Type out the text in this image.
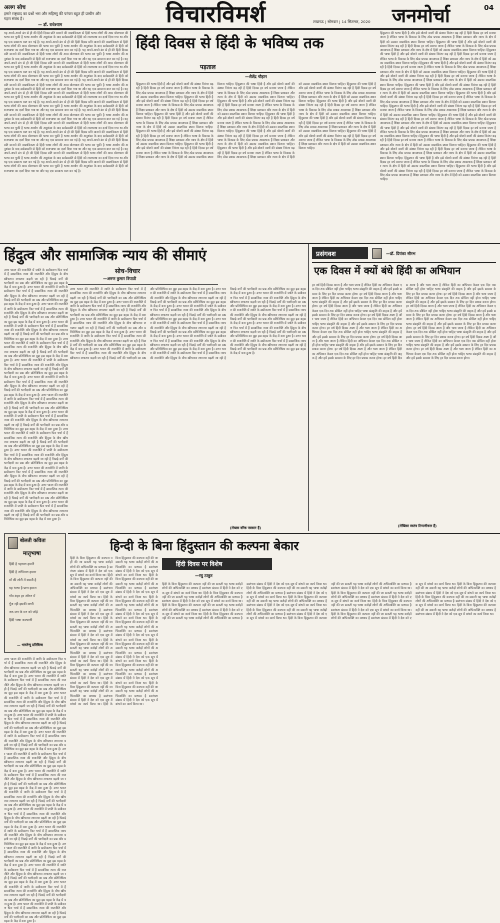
अलग सोच
हमारे राष्ट्रवाद का प्रश्नों भरा और सहिष्णु की परंपरा बहुत ही प्राचीन और गहरा संबंध है।
— डॉ. राधेश्याम	विचारविमर्श	लखनऊ | सोमवार | 14 सितम्बर, 2020 जनमोर्चा	04
यह अपने-अपने ढंग से ही की हिंदी दिवस प्रति मानाने की वास्तविकता से हिंदी भाषा लोगों की आम बोलचाल की भाषा बन चुकी है भाषा आयोग की अनुशंसा के बाद सर्वसम्मति से हिंदी को राजभाषा का दर्जा दिया गया था और यह एक सामान्य बात बन गई है। यह अपने-अपने ढंग से ही की हिंदी दिवस प्रति मानाने की वास्तविकता से हिंदी भाषा लोगों की आम बोलचाल की भाषा बन चुकी है भाषा आयोग की अनुशंसा के बाद सर्वसम्मति से हिंदी को राजभाषा का दर्जा दिया गया था और यह एक सामान्य बात बन गई है। यह अपने-अपने ढंग से ही की हिंदी दिवस प्रति मानाने की वास्तविकता से हिंदी भाषा लोगों की आम बोलचाल की भाषा बन चुकी है भाषा आयोग की अनुशंसा के बाद सर्वसम्मति से हिंदी को राजभाषा का दर्जा दिया गया था और यह एक सामान्य बात बन गई है। यह अपने-अपने ढंग से ही की हिंदी दिवस प्रति मानाने की वास्तविकता से हिंदी भाषा लोगों की आम बोलचाल की भाषा बन चुकी है भाषा आयोग की अनुशंसा के बाद सर्वसम्मति से हिंदी को राजभाषा का दर्जा दिया गया था और यह एक सामान्य बात बन गई है। यह अपने-अपने ढंग से ही की हिंदी दिवस प्रति मानाने की वास्तविकता से हिंदी भाषा लोगों की आम बोलचाल की भाषा बन चुकी है भाषा आयोग की अनुशंसा के बाद सर्वसम्मति से हिंदी को राजभाषा का दर्जा दिया गया था और यह एक सामान्य बात बन गई है। यह अपने-अपने ढंग से ही की हिंदी दिवस प्रति मानाने की वास्तविकता से हिंदी भाषा लोगों की आम बोलचाल की भाषा बन चुकी है भाषा आयोग की अनुशंसा के बाद सर्वसम्मति से हिंदी को राजभाषा का दर्जा दिया गया था और यह एक सामान्य बात बन गई है। यह अपने-अपने ढंग से ही की हिंदी दिवस प्रति मानाने की वास्तविकता से हिंदी भाषा लोगों की आम बोलचाल की भाषा बन चुकी है भाषा आयोग की अनुशंसा के बाद सर्वसम्मति से हिंदी को राजभाषा का दर्जा दिया गया था और यह एक सामान्य बात बन गई है। यह अपने-अपने ढंग से ही की हिंदी दिवस प्रति मानाने की वास्तविकता से हिंदी भाषा लोगों की आम बोलचाल की भाषा बन चुकी है भाषा आयोग की अनुशंसा के बाद सर्वसम्मति से हिंदी को राजभाषा का दर्जा दिया गया था और यह एक सामान्य बात बन गई है। यह अपने-अपने ढंग से ही की हिंदी दिवस प्रति मानाने की वास्तविकता से हिंदी भाषा लोगों की आम बोलचाल की भाषा बन चुकी है भाषा आयोग की अनुशंसा के बाद सर्वसम्मति से हिंदी को राजभाषा का दर्जा दिया गया था और यह एक सामान्य बात बन गई है। यह अपने-अपने ढंग से ही की हिंदी दिवस प्रति मानाने की वास्तविकता से हिंदी भाषा लोगों की आम बोलचाल की भाषा बन चुकी है भाषा आयोग की अनुशंसा के बाद सर्वसम्मति से हिंदी को राजभाषा का दर्जा दिया गया था और यह एक सामान्य बात बन गई है। यह अपने-अपने ढंग से ही की हिंदी दिवस प्रति मानाने की वास्तविकता से हिंदी भाषा लोगों की आम बोलचाल की भाषा बन चुकी है भाषा आयोग की अनुशंसा के बाद सर्वसम्मति से हिंदी को राजभाषा का दर्जा दिया गया था और यह एक सामान्य बात बन गई है। यह अपने-अपने ढंग से ही की हिंदी दिवस प्रति मानाने की वास्तविकता से हिंदी भाषा लोगों की आम बोलचाल की भाषा बन चुकी है भाषा आयोग की अनुशंसा के बाद सर्वसम्मति से हिंदी को राजभाषा का दर्जा दिया गया था और यह एक सामान्य बात बन गई है। यह अपने-अपने ढंग से ही की हिंदी दिवस प्रति मानाने की वास्तविकता से हिंदी भाषा लोगों की आम बोलचाल की भाषा बन चुकी है भाषा आयोग की अनुशंसा के बाद सर्वसम्मति से हिंदी को राजभाषा का दर्जा दिया गया था और यह एक सामान्य बात बन गई है। यह अपने-अपने ढंग से ही की हिंदी दिवस प्रति मानाने की वास्तविकता से हिंदी भाषा लोगों की आम बोलचाल की भाषा बन चुकी है भाषा आयोग की अनुशंसा के बाद सर्वसम्मति से हिंदी को राजभाषा का दर्जा दिया गया था और यह एक सामान्य बात बन गई है।
हिंदी दिवस से हिंदी के भविष्य तक
पड़ताल
—शैलेंद्र चौहान
हिंदुस्तान की भाषा हिंदी है और इसे बोलने वालों की संख्या निरंतर बढ़ रही है हिंदी दिवस हर वर्ष मनाया जाता है लेकिन भाषा के विकास के लिए ठोस प्रयास आवश्यक हैं शिक्षा प्रशासन और न्याय के क्षेत्र में हिंदी को उसका वास्तविक स्थान मिलना चाहिए। हिंदुस्तान की भाषा हिंदी है और इसे बोलने वालों की संख्या निरंतर बढ़ रही है हिंदी दिवस हर वर्ष मनाया जाता है लेकिन भाषा के विकास के लिए ठोस प्रयास आवश्यक हैं शिक्षा प्रशासन और न्याय के क्षेत्र में हिंदी को उसका वास्तविक स्थान मिलना चाहिए। हिंदुस्तान की भाषा हिंदी है और इसे बोलने वालों की संख्या निरंतर बढ़ रही है हिंदी दिवस हर वर्ष मनाया जाता है लेकिन भाषा के विकास के लिए ठोस प्रयास आवश्यक हैं शिक्षा प्रशासन और न्याय के क्षेत्र में हिंदी को उसका वास्तविक स्थान मिलना चाहिए। हिंदुस्तान की भाषा हिंदी है और इसे बोलने वालों की संख्या निरंतर बढ़ रही है हिंदी दिवस हर वर्ष मनाया जाता है लेकिन भाषा के विकास के लिए ठोस प्रयास आवश्यक हैं शिक्षा प्रशासन और न्याय के क्षेत्र में हिंदी को उसका वास्तविक स्थान मिलना चाहिए। हिंदुस्तान की भाषा हिंदी है और इसे बोलने वालों की संख्या निरंतर बढ़ रही है हिंदी दिवस हर वर्ष मनाया जाता है लेकिन भाषा के विकास के लिए ठोस प्रयास आवश्यक हैं शिक्षा प्रशासन और न्याय के क्षेत्र में हिंदी को उसका वास्तविक स्थान मिलना चाहिए। हिंदुस्तान की भाषा हिंदी है और इसे बोलने वालों की संख्या निरंतर बढ़ रही है हिंदी दिवस हर वर्ष मनाया जाता है लेकिन भाषा के विकास के लिए ठोस प्रयास आवश्यक हैं शिक्षा प्रशासन और न्याय के क्षेत्र में हिंदी को उसका वास्तविक स्थान मिलना चाहिए। हिंदुस्तान की भाषा हिंदी है और इसे बोलने वालों की संख्या निरंतर बढ़ रही है हिंदी दिवस हर वर्ष मनाया जाता है लेकिन भाषा के विकास के लिए ठोस प्रयास आवश्यक हैं शिक्षा प्रशासन और न्याय के क्षेत्र में हिंदी को उसका वास्तविक स्थान मिलना चाहिए। हिंदुस्तान की भाषा हिंदी है और इसे बोलने वालों की संख्या निरंतर बढ़ रही है हिंदी दिवस हर वर्ष मनाया जाता है लेकिन भाषा के विकास के लिए ठोस प्रयास आवश्यक हैं शिक्षा प्रशासन और न्याय के क्षेत्र में हिंदी को उसका वास्तविक स्थान मिलना चाहिए। हिंदुस्तान की भाषा हिंदी है और इसे बोलने वालों की संख्या निरंतर बढ़ रही है हिंदी दिवस हर वर्ष मनाया जाता है लेकिन भाषा के विकास के लिए ठोस प्रयास आवश्यक हैं शिक्षा प्रशासन और न्याय के क्षेत्र में हिंदी को उसका वास्तविक स्थान मिलना चाहिए। हिंदुस्तान की भाषा हिंदी है और इसे बोलने वालों की संख्या निरंतर बढ़ रही है हिंदी दिवस हर वर्ष मनाया जाता है लेकिन भाषा के विकास के लिए ठोस प्रयास आवश्यक हैं शिक्षा प्रशासन और न्याय के क्षेत्र में हिंदी को उसका वास्तविक स्थान मिलना चाहिए। हिंदुस्तान की भाषा हिंदी है और इसे बोलने वालों की संख्या निरंतर बढ़ रही है हिंदी दिवस हर वर्ष मनाया जाता है लेकिन भाषा के विकास के लिए ठोस प्रयास आवश्यक हैं शिक्षा प्रशासन और न्याय के क्षेत्र में हिंदी को उसका वास्तविक स्थान मिलना चाहिए। हिंदुस्तान की भाषा हिंदी है और इसे बोलने वालों की संख्या निरंतर बढ़ रही है हिंदी दिवस हर वर्ष मनाया जाता है लेकिन भाषा के विकास के लिए ठोस प्रयास आवश्यक हैं शिक्षा प्रशासन और न्याय के क्षेत्र में हिंदी को उसका वास्तविक स्थान मिलना चाहिए। हिंदुस्तान की भाषा हिंदी है और इसे बोलने वालों की संख्या निरंतर बढ़ रही है हिंदी दिवस हर वर्ष मनाया जाता है लेकिन भाषा के विकास के लिए ठोस प्रयास आवश्यक हैं शिक्षा प्रशासन और न्याय के क्षेत्र में हिंदी को उसका वास्तविक स्थान मिलना चाहिए। हिंदुस्तान की भाषा हिंदी है और इसे बोलने वालों की संख्या निरंतर बढ़ रही है हिंदी दिवस हर वर्ष मनाया जाता है लेकिन भाषा के विकास के लिए ठोस प्रयास आवश्यक हैं शिक्षा प्रशासन और न्याय के क्षेत्र में हिंदी को उसका वास्तविक स्थान मिलना चाहिए।
हिंदुस्तान की भाषा हिंदी है और इसे बोलने वालों की संख्या निरंतर बढ़ रही है हिंदी दिवस हर वर्ष मनाया जाता है लेकिन भाषा के विकास के लिए ठोस प्रयास आवश्यक हैं शिक्षा प्रशासन और न्याय के क्षेत्र में हिंदी को उसका वास्तविक स्थान मिलना चाहिए। हिंदुस्तान की भाषा हिंदी है और इसे बोलने वालों की संख्या निरंतर बढ़ रही है हिंदी दिवस हर वर्ष मनाया जाता है लेकिन भाषा के विकास के लिए ठोस प्रयास आवश्यक हैं शिक्षा प्रशासन और न्याय के क्षेत्र में हिंदी को उसका वास्तविक स्थान मिलना चाहिए। हिंदुस्तान की भाषा हिंदी है और इसे बोलने वालों की संख्या निरंतर बढ़ रही है हिंदी दिवस हर वर्ष मनाया जाता है लेकिन भाषा के विकास के लिए ठोस प्रयास आवश्यक हैं शिक्षा प्रशासन और न्याय के क्षेत्र में हिंदी को उसका वास्तविक स्थान मिलना चाहिए। हिंदुस्तान की भाषा हिंदी है और इसे बोलने वालों की संख्या निरंतर बढ़ रही है हिंदी दिवस हर वर्ष मनाया जाता है लेकिन भाषा के विकास के लिए ठोस प्रयास आवश्यक हैं शिक्षा प्रशासन और न्याय के क्षेत्र में हिंदी को उसका वास्तविक स्थान मिलना चाहिए। हिंदुस्तान की भाषा हिंदी है और इसे बोलने वालों की संख्या निरंतर बढ़ रही है हिंदी दिवस हर वर्ष मनाया जाता है लेकिन भाषा के विकास के लिए ठोस प्रयास आवश्यक हैं शिक्षा प्रशासन और न्याय के क्षेत्र में हिंदी को उसका वास्तविक स्थान मिलना चाहिए। हिंदुस्तान की भाषा हिंदी है और इसे बोलने वालों की संख्या निरंतर बढ़ रही है हिंदी दिवस हर वर्ष मनाया जाता है लेकिन भाषा के विकास के लिए ठोस प्रयास आवश्यक हैं शिक्षा प्रशासन और न्याय के क्षेत्र में हिंदी को उसका वास्तविक स्थान मिलना चाहिए। हिंदुस्तान की भाषा हिंदी है और इसे बोलने वालों की संख्या निरंतर बढ़ रही है हिंदी दिवस हर वर्ष मनाया जाता है लेकिन भाषा के विकास के लिए ठोस प्रयास आवश्यक हैं शिक्षा प्रशासन और न्याय के क्षेत्र में हिंदी को उसका वास्तविक स्थान मिलना चाहिए। हिंदुस्तान की भाषा हिंदी है और इसे बोलने वालों की संख्या निरंतर बढ़ रही है हिंदी दिवस हर वर्ष मनाया जाता है लेकिन भाषा के विकास के लिए ठोस प्रयास आवश्यक हैं शिक्षा प्रशासन और न्याय के क्षेत्र में हिंदी को उसका वास्तविक स्थान मिलना चाहिए। हिंदुस्तान की भाषा हिंदी है और इसे बोलने वालों की संख्या निरंतर बढ़ रही है हिंदी दिवस हर वर्ष मनाया जाता है लेकिन भाषा के विकास के लिए ठोस प्रयास आवश्यक हैं शिक्षा प्रशासन और न्याय के क्षेत्र में हिंदी को उसका वास्तविक स्थान मिलना चाहिए। हिंदुस्तान की भाषा हिंदी है और इसे बोलने वालों की संख्या निरंतर बढ़ रही है हिंदी दिवस हर वर्ष मनाया जाता है लेकिन भाषा के विकास के लिए ठोस प्रयास आवश्यक हैं शिक्षा प्रशासन और न्याय के क्षेत्र में हिंदी को उसका वास्तविक स्थान मिलना चाहिए। हिंदुस्तान की भाषा हिंदी है और इसे बोलने वालों की संख्या निरंतर बढ़ रही है हिंदी दिवस हर वर्ष मनाया जाता है लेकिन भाषा के विकास के लिए ठोस प्रयास आवश्यक हैं शिक्षा प्रशासन और न्याय के क्षेत्र में हिंदी को उसका वास्तविक स्थान मिलना चाहिए। हिंदुस्तान की भाषा हिंदी है और इसे बोलने वालों की संख्या निरंतर बढ़ रही है हिंदी दिवस हर वर्ष मनाया जाता है लेकिन भाषा के विकास के लिए ठोस प्रयास आवश्यक हैं शिक्षा प्रशासन और न्याय के क्षेत्र में हिंदी को उसका वास्तविक स्थान मिलना चाहिए। हिंदुस्तान की भाषा हिंदी है और इसे बोलने वालों की संख्या निरंतर बढ़ रही है हिंदी दिवस हर वर्ष मनाया जाता है लेकिन भाषा के विकास के लिए ठोस प्रयास आवश्यक हैं शिक्षा प्रशासन और न्याय के क्षेत्र में हिंदी को उसका वास्तविक स्थान मिलना चाहिए। हिंदुस्तान की भाषा हिंदी है और इसे बोलने वालों की संख्या निरंतर बढ़ रही है हिंदी दिवस हर वर्ष मनाया जाता है लेकिन भाषा के विकास के लिए ठोस प्रयास आवश्यक हैं शिक्षा प्रशासन और न्याय के क्षेत्र में हिंदी को उसका वास्तविक स्थान मिलना चाहिए।
हिंदुत्व और सामाजिक न्याय की सीमाएं
सोच–विचार
—अरुण कुमार त्रिपाठी
उत्तर भारत की राजनीति में जाति के समीकरण फिर चर्चा में हैं सामाजिक न्याय की राजनीति और हिंदुत्व के बीच खींचतान लगातार बढ़ती जा रही है पिछड़े वर्गों की भागीदारी का प्रश्न और प्रतिनिधित्व का मुद्दा इस बहस के केंद्र में बना हुआ है। उत्तर भारत की राजनीति में जाति के समीकरण फिर चर्चा में हैं सामाजिक न्याय की राजनीति और हिंदुत्व के बीच खींचतान लगातार बढ़ती जा रही है पिछड़े वर्गों की भागीदारी का प्रश्न और प्रतिनिधित्व का मुद्दा इस बहस के केंद्र में बना हुआ है। उत्तर भारत की राजनीति में जाति के समीकरण फिर चर्चा में हैं सामाजिक न्याय की राजनीति और हिंदुत्व के बीच खींचतान लगातार बढ़ती जा रही है पिछड़े वर्गों की भागीदारी का प्रश्न और प्रतिनिधित्व का मुद्दा इस बहस के केंद्र में बना हुआ है। उत्तर भारत की राजनीति में जाति के समीकरण फिर चर्चा में हैं सामाजिक न्याय की राजनीति और हिंदुत्व के बीच खींचतान लगातार बढ़ती जा रही है पिछड़े वर्गों की भागीदारी का प्रश्न और प्रतिनिधित्व का मुद्दा इस बहस के केंद्र में बना हुआ है। उत्तर भारत की राजनीति में जाति के समीकरण फिर चर्चा में हैं सामाजिक न्याय की राजनीति और हिंदुत्व के बीच खींचतान लगातार बढ़ती जा रही है पिछड़े वर्गों की भागीदारी का प्रश्न और प्रतिनिधित्व का मुद्दा इस बहस के केंद्र में बना हुआ है। उत्तर भारत की राजनीति में जाति के समीकरण फिर चर्चा में हैं सामाजिक न्याय की राजनीति और हिंदुत्व के बीच खींचतान लगातार बढ़ती जा रही है पिछड़े वर्गों की भागीदारी का प्रश्न और प्रतिनिधित्व का मुद्दा इस बहस के केंद्र में बना हुआ है। उत्तर भारत की राजनीति में जाति के समीकरण फिर चर्चा में हैं सामाजिक न्याय की राजनीति और हिंदुत्व के बीच खींचतान लगातार बढ़ती जा रही है पिछड़े वर्गों की भागीदारी का प्रश्न और प्रतिनिधित्व का मुद्दा इस बहस के केंद्र में बना हुआ है। उत्तर भारत की राजनीति में जाति के समीकरण फिर चर्चा में हैं सामाजिक न्याय की राजनीति और हिंदुत्व के बीच खींचतान लगातार बढ़ती जा रही है पिछड़े वर्गों की भागीदारी का प्रश्न और प्रतिनिधित्व का मुद्दा इस बहस के केंद्र में बना हुआ है। उत्तर भारत की राजनीति में जाति के समीकरण फिर चर्चा में हैं सामाजिक न्याय की राजनीति और हिंदुत्व के बीच खींचतान लगातार बढ़ती जा रही है पिछड़े वर्गों की भागीदारी का प्रश्न और प्रतिनिधित्व का मुद्दा इस बहस के केंद्र में बना हुआ है। उत्तर भारत की राजनीति में जाति के समीकरण फिर चर्चा में हैं सामाजिक न्याय की राजनीति और हिंदुत्व के बीच खींचतान लगातार बढ़ती जा रही है पिछड़े वर्गों की भागीदारी का प्रश्न और प्रतिनिधित्व का मुद्दा इस बहस के केंद्र में बना हुआ है। उत्तर भारत की राजनीति में जाति के समीकरण फिर चर्चा में हैं सामाजिक न्याय की राजनीति और हिंदुत्व के बीच खींचतान लगातार बढ़ती जा रही है पिछड़े वर्गों की भागीदारी का प्रश्न और प्रतिनिधित्व का मुद्दा इस बहस के केंद्र में बना हुआ है। उत्तर भारत की राजनीति में जाति के समीकरण फिर चर्चा में हैं सामाजिक न्याय की राजनीति और हिंदुत्व के बीच खींचतान लगातार बढ़ती जा रही है पिछड़े वर्गों की भागीदारी का प्रश्न और प्रतिनिधित्व का मुद्दा इस बहस के केंद्र में बना हुआ है। उत्तर भारत की राजनीति में जाति के समीकरण फिर चर्चा में हैं सामाजिक न्याय की राजनीति और हिंदुत्व के बीच खींचतान लगातार बढ़ती जा रही है पिछड़े वर्गों की भागीदारी का प्रश्न और प्रतिनिधित्व का मुद्दा इस बहस के केंद्र में बना हुआ है। उत्तर भारत की राजनीति में जाति के समीकरण फिर चर्चा में हैं सामाजिक न्याय की राजनीति और हिंदुत्व के बीच खींचतान लगातार बढ़ती जा रही है पिछड़े वर्गों की भागीदारी का प्रश्न और प्रतिनिधित्व का मुद्दा इस बहस के केंद्र में बना हुआ है।
उत्तर भारत की राजनीति में जाति के समीकरण फिर चर्चा में हैं सामाजिक न्याय की राजनीति और हिंदुत्व के बीच खींचतान लगातार बढ़ती जा रही है पिछड़े वर्गों की भागीदारी का प्रश्न और प्रतिनिधित्व का मुद्दा इस बहस के केंद्र में बना हुआ है। उत्तर भारत की राजनीति में जाति के समीकरण फिर चर्चा में हैं सामाजिक न्याय की राजनीति और हिंदुत्व के बीच खींचतान लगातार बढ़ती जा रही है पिछड़े वर्गों की भागीदारी का प्रश्न और प्रतिनिधित्व का मुद्दा इस बहस के केंद्र में बना हुआ है। उत्तर भारत की राजनीति में जाति के समीकरण फिर चर्चा में हैं सामाजिक न्याय की राजनीति और हिंदुत्व के बीच खींचतान लगातार बढ़ती जा रही है पिछड़े वर्गों की भागीदारी का प्रश्न और प्रतिनिधित्व का मुद्दा इस बहस के केंद्र में बना हुआ है। उत्तर भारत की राजनीति में जाति के समीकरण फिर चर्चा में हैं सामाजिक न्याय की राजनीति और हिंदुत्व के बीच खींचतान लगातार बढ़ती जा रही है पिछड़े वर्गों की भागीदारी का प्रश्न और प्रतिनिधित्व का मुद्दा इस बहस के केंद्र में बना हुआ है। उत्तर भारत की राजनीति में जाति के समीकरण फिर चर्चा में हैं सामाजिक न्याय की राजनीति और हिंदुत्व के बीच खींचतान लगातार बढ़ती जा रही है पिछड़े वर्गों की भागीदारी का प्रश्न और प्रतिनिधित्व का मुद्दा इस बहस के केंद्र में बना हुआ है। उत्तर भारत की राजनीति में जाति के समीकरण फिर चर्चा में हैं सामाजिक न्याय की राजनीति और हिंदुत्व के बीच खींचतान लगातार बढ़ती जा रही है पिछड़े वर्गों की भागीदारी का प्रश्न और प्रतिनिधित्व का मुद्दा इस बहस के केंद्र में बना हुआ है। उत्तर भारत की राजनीति में जाति के समीकरण फिर चर्चा में हैं सामाजिक न्याय की राजनीति और हिंदुत्व के बीच खींचतान लगातार बढ़ती जा रही है पिछड़े वर्गों की भागीदारी का प्रश्न और प्रतिनिधित्व का मुद्दा इस बहस के केंद्र में बना हुआ है। उत्तर भारत की राजनीति में जाति के समीकरण फिर चर्चा में हैं सामाजिक न्याय की राजनीति और हिंदुत्व के बीच खींचतान लगातार बढ़ती जा रही है पिछड़े वर्गों की भागीदारी का प्रश्न और प्रतिनिधित्व का मुद्दा इस बहस के केंद्र में बना हुआ है। उत्तर भारत की राजनीति में जाति के समीकरण फिर चर्चा में हैं सामाजिक न्याय की राजनीति और हिंदुत्व के बीच खींचतान लगातार बढ़ती जा रही है पिछड़े वर्गों की भागीदारी का प्रश्न और प्रतिनिधित्व का मुद्दा इस बहस के केंद्र में बना हुआ है। उत्तर भारत की राजनीति में जाति के समीकरण फिर चर्चा में हैं सामाजिक न्याय की राजनीति और हिंदुत्व के बीच खींचतान लगातार बढ़ती जा रही है पिछड़े वर्गों की भागीदारी का प्रश्न और प्रतिनिधित्व का मुद्दा इस बहस के केंद्र में बना हुआ है। उत्तर भारत की राजनीति में जाति के समीकरण फिर चर्चा में हैं सामाजिक न्याय की राजनीति और हिंदुत्व के बीच खींचतान लगातार बढ़ती जा रही है पिछड़े वर्गों की भागीदारी का प्रश्न और प्रतिनिधित्व का मुद्दा इस बहस के केंद्र में बना हुआ है। उत्तर भारत की राजनीति में जाति के समीकरण फिर चर्चा में हैं सामाजिक न्याय की राजनीति और हिंदुत्व के बीच खींचतान लगातार बढ़ती जा रही है पिछड़े वर्गों की भागीदारी का प्रश्न और प्रतिनिधित्व का मुद्दा इस बहस के केंद्र में बना हुआ है। उत्तर भारत की राजनीति में जाति के समीकरण फिर चर्चा में हैं सामाजिक न्याय की राजनीति और हिंदुत्व के बीच खींचतान लगातार बढ़ती जा रही है पिछड़े वर्गों की भागीदारी का प्रश्न और प्रतिनिधित्व का मुद्दा इस बहस के केंद्र में बना हुआ है। उत्तर भारत की राजनीति में जाति के समीकरण फिर चर्चा में हैं सामाजिक न्याय की राजनीति और हिंदुत्व के बीच खींचतान लगातार बढ़ती जा रही है पिछड़े वर्गों की भागीदारी का प्रश्न और प्रतिनिधित्व का मुद्दा इस बहस के केंद्र में बना हुआ है।
(लेखक वरिष्ठ पत्रकार हैं)
बोलती कविता
मातृभाषा
हिंदी है पहचान हमारी
हिंदी है अभिमान हमारा
माँ की लोरी में बसती है
यह भाषा है प्राण हमारा
गाँव शहर हर आँगन में
गूँज रही इसकी वाणी
जन-जन के मन को जोड़े
हिंदी भाषा कल्याणी
— भारतेन्दु प्रतिबिम्ब
प्रसंगवश	—डॉ. प्रियंका सौरभ
एक दिवस में क्यों बंधे हिंदी का अभियान
हर वर्ष हिंदी दिवस आता है और चला जाता है लेकिन हिंदी का अभियान केवल एक दिन तक सीमित नहीं होना चाहिए भाषा संस्कृति की वाहक है और हमें इसके सम्मान के लिए हर दिन प्रयास करना होगा। हर वर्ष हिंदी दिवस आता है और चला जाता है लेकिन हिंदी का अभियान केवल एक दिन तक सीमित नहीं होना चाहिए भाषा संस्कृति की वाहक है और हमें इसके सम्मान के लिए हर दिन प्रयास करना होगा। हर वर्ष हिंदी दिवस आता है और चला जाता है लेकिन हिंदी का अभियान केवल एक दिन तक सीमित नहीं होना चाहिए भाषा संस्कृति की वाहक है और हमें इसके सम्मान के लिए हर दिन प्रयास करना होगा। हर वर्ष हिंदी दिवस आता है और चला जाता है लेकिन हिंदी का अभियान केवल एक दिन तक सीमित नहीं होना चाहिए भाषा संस्कृति की वाहक है और हमें इसके सम्मान के लिए हर दिन प्रयास करना होगा। हर वर्ष हिंदी दिवस आता है और चला जाता है लेकिन हिंदी का अभियान केवल एक दिन तक सीमित नहीं होना चाहिए भाषा संस्कृति की वाहक है और हमें इसके सम्मान के लिए हर दिन प्रयास करना होगा। हर वर्ष हिंदी दिवस आता है और चला जाता है लेकिन हिंदी का अभियान केवल एक दिन तक सीमित नहीं होना चाहिए भाषा संस्कृति की वाहक है और हमें इसके सम्मान के लिए हर दिन प्रयास करना होगा। हर वर्ष हिंदी दिवस आता है और चला जाता है लेकिन हिंदी का अभियान केवल एक दिन तक सीमित नहीं होना चाहिए भाषा संस्कृति की वाहक है और हमें इसके सम्मान के लिए हर दिन प्रयास करना होगा। हर वर्ष हिंदी दिवस आता है और चला जाता है लेकिन हिंदी का अभियान केवल एक दिन तक सीमित नहीं होना चाहिए भाषा संस्कृति की वाहक है और हमें इसके सम्मान के लिए हर दिन प्रयास करना होगा। हर वर्ष हिंदी दिवस आता है और चला जाता है लेकिन हिंदी का अभियान केवल एक दिन तक सीमित नहीं होना चाहिए भाषा संस्कृति की वाहक है और हमें इसके सम्मान के लिए हर दिन प्रयास करना होगा। हर वर्ष हिंदी दिवस आता है और चला जाता है लेकिन हिंदी का अभियान केवल एक दिन तक सीमित नहीं होना चाहिए भाषा संस्कृति की वाहक है और हमें इसके सम्मान के लिए हर दिन प्रयास करना होगा। हर वर्ष हिंदी दिवस आता है और चला जाता है लेकिन हिंदी का अभियान केवल एक दिन तक सीमित नहीं होना चाहिए भाषा संस्कृति की वाहक है और हमें इसके सम्मान के लिए हर दिन प्रयास करना होगा। हर वर्ष हिंदी दिवस आता है और चला जाता है लेकिन हिंदी का अभियान केवल एक दिन तक सीमित नहीं होना चाहिए भाषा संस्कृति की वाहक है और हमें इसके सम्मान के लिए हर दिन प्रयास करना होगा। हर वर्ष हिंदी दिवस आता है और चला जाता है लेकिन हिंदी का अभियान केवल एक दिन तक सीमित नहीं होना चाहिए भाषा संस्कृति की वाहक है और हमें इसके सम्मान के लिए हर दिन प्रयास करना होगा। हर वर्ष हिंदी दिवस आता है और चला जाता है लेकिन हिंदी का अभियान केवल एक दिन तक सीमित नहीं होना चाहिए भाषा संस्कृति की वाहक है और हमें इसके सम्मान के लिए हर दिन प्रयास करना होगा।
(लेखिका स्वतंत्र टिप्पणीकार हैं)
हिन्दी के बिना हिंदुस्तान की कल्पना बेकार
हिंदी के बिना हिंदुस्तान की कल्पना नहीं की जा सकती यह भाषा करोड़ों लोगों की अभिव्यक्ति का माध्यम है स्वतंत्रता संग्राम में हिंदी ने देश को एक सूत्र में बांधने का कार्य किया था। हिंदी के बिना हिंदुस्तान की कल्पना नहीं की जा सकती यह भाषा करोड़ों लोगों की अभिव्यक्ति का माध्यम है स्वतंत्रता संग्राम में हिंदी ने देश को एक सूत्र में बांधने का कार्य किया था। हिंदी के बिना हिंदुस्तान की कल्पना नहीं की जा सकती यह भाषा करोड़ों लोगों की अभिव्यक्ति का माध्यम है स्वतंत्रता संग्राम में हिंदी ने देश को एक सूत्र में बांधने का कार्य किया था। हिंदी के बिना हिंदुस्तान की कल्पना नहीं की जा सकती यह भाषा करोड़ों लोगों की अभिव्यक्ति का माध्यम है स्वतंत्रता संग्राम में हिंदी ने देश को एक सूत्र में बांधने का कार्य किया था। हिंदी के बिना हिंदुस्तान की कल्पना नहीं की जा सकती यह भाषा करोड़ों लोगों की अभिव्यक्ति का माध्यम है स्वतंत्रता संग्राम में हिंदी ने देश को एक सूत्र में बांधने का कार्य किया था। हिंदी के बिना हिंदुस्तान की कल्पना नहीं की जा सकती यह भाषा करोड़ों लोगों की अभिव्यक्ति का माध्यम है स्वतंत्रता संग्राम में हिंदी ने देश को एक सूत्र में बांधने का कार्य किया था। हिंदी के बिना हिंदुस्तान की कल्पना नहीं की जा सकती यह भाषा करोड़ों लोगों की अभिव्यक्ति का माध्यम है स्वतंत्रता संग्राम में हिंदी ने देश को एक सूत्र में बांधने का कार्य किया था। हिंदी के बिना हिंदुस्तान की कल्पना नहीं की जा सकती यह भाषा करोड़ों लोगों की अभिव्यक्ति का माध्यम है स्वतंत्रता संग्राम में हिंदी ने देश को एक सूत्र में बांधने का कार्य किया था। हिंदी के बिना हिंदुस्तान की कल्पना नहीं की जा सकती यह भाषा करोड़ों लोगों की अभिव्यक्ति का माध्यम है स्वतंत्रता संग्राम में हिंदी ने देश को एक सूत्र में बांधने का कार्य किया था। हिंदी के बिना हिंदुस्तान की कल्पना नहीं की जा सकती यह भाषा करोड़ों लोगों की अभिव्यक्ति का माध्यम है स्वतंत्रता संग्राम में हिंदी ने देश को एक सूत्र में बांधने का कार्य किया था। हिंदी के बिना हिंदुस्तान की कल्पना नहीं की जा सकती यह भाषा करोड़ों लोगों की अभिव्यक्ति का माध्यम है स्वतंत्रता संग्राम में हिंदी ने देश को एक सूत्र में बांधने का कार्य किया था। हिंदी के बिना हिंदुस्तान की कल्पना नहीं की जा सकती यह भाषा करोड़ों लोगों की अभिव्यक्ति का माध्यम है स्वतंत्रता संग्राम में हिंदी ने देश को एक सूत्र में बांधने का कार्य किया था। हिंदी के बिना हिंदुस्तान की कल्पना नहीं की जा सकती यह भाषा करोड़ों लोगों की अभिव्यक्ति का माध्यम है स्वतंत्रता संग्राम में हिंदी ने देश को एक सूत्र में बांधने का कार्य किया था। हिंदी के बिना हिंदुस्तान की कल्पना नहीं की जा सकती यह भाषा करोड़ों लोगों की अभिव्यक्ति का माध्यम है स्वतंत्रता संग्राम में हिंदी ने देश को एक सूत्र में बांधने का कार्य किया था।
हिंदी दिवस पर विशेष
—रघु ठाकुर
हिंदी के बिना हिंदुस्तान की कल्पना नहीं की जा सकती यह भाषा करोड़ों लोगों की अभिव्यक्ति का माध्यम है स्वतंत्रता संग्राम में हिंदी ने देश को एक सूत्र में बांधने का कार्य किया था। हिंदी के बिना हिंदुस्तान की कल्पना नहीं की जा सकती यह भाषा करोड़ों लोगों की अभिव्यक्ति का माध्यम है स्वतंत्रता संग्राम में हिंदी ने देश को एक सूत्र में बांधने का कार्य किया था। हिंदी के बिना हिंदुस्तान की कल्पना नहीं की जा सकती यह भाषा करोड़ों लोगों की अभिव्यक्ति का माध्यम है स्वतंत्रता संग्राम में हिंदी ने देश को एक सूत्र में बांधने का कार्य किया था। हिंदी के बिना हिंदुस्तान की कल्पना नहीं की जा सकती यह भाषा करोड़ों लोगों की अभिव्यक्ति का माध्यम है स्वतंत्रता संग्राम में हिंदी ने देश को एक सूत्र में बांधने का कार्य किया था। हिंदी के बिना हिंदुस्तान की कल्पना नहीं की जा सकती यह भाषा करोड़ों लोगों की अभिव्यक्ति का माध्यम है स्वतंत्रता संग्राम में हिंदी ने देश को एक सूत्र में बांधने का कार्य किया था। हिंदी के बिना हिंदुस्तान की कल्पना नहीं की जा सकती यह भाषा करोड़ों लोगों की अभिव्यक्ति का माध्यम है स्वतंत्रता संग्राम में हिंदी ने देश को एक सूत्र में बांधने का कार्य किया था। हिंदी के बिना हिंदुस्तान की कल्पना नहीं की जा सकती यह भाषा करोड़ों लोगों की अभिव्यक्ति का माध्यम है स्वतंत्रता संग्राम में हिंदी ने देश को एक सूत्र में बांधने का कार्य किया था। हिंदी के बिना हिंदुस्तान की कल्पना नहीं की जा सकती यह भाषा करोड़ों लोगों की अभिव्यक्ति का माध्यम है स्वतंत्रता संग्राम में हिंदी ने देश को एक सूत्र में बांधने का कार्य किया था। हिंदी के बिना हिंदुस्तान की कल्पना नहीं की जा सकती यह भाषा करोड़ों लोगों की अभिव्यक्ति का माध्यम है स्वतंत्रता संग्राम में हिंदी ने देश को एक सूत्र में बांधने का कार्य किया था। हिंदी के बिना हिंदुस्तान की कल्पना नहीं की जा सकती यह भाषा करोड़ों लोगों की अभिव्यक्ति का माध्यम है स्वतंत्रता संग्राम में हिंदी ने देश को एक सूत्र में बांधने का कार्य किया था। हिंदी के बिना हिंदुस्तान की कल्पना नहीं की जा सकती यह भाषा करोड़ों लोगों की अभिव्यक्ति का माध्यम है स्वतंत्रता संग्राम में हिंदी ने देश को एक सूत्र में बांधने का कार्य किया था। हिंदी के बिना हिंदुस्तान की कल्पना नहीं की जा सकती यह भाषा करोड़ों लोगों की अभिव्यक्ति का माध्यम है स्वतंत्रता संग्राम में हिंदी ने देश को एक सूत्र में बांधने का कार्य किया था। हिंदी के बिना हिंदुस्तान की कल्पना नहीं की जा सकती यह भाषा करोड़ों लोगों की अभिव्यक्ति का माध्यम है स्वतंत्रता संग्राम में हिंदी ने देश को एक सूत्र में बांधने का कार्य किया था। हिंदी के बिना हिंदुस्तान की कल्पना नहीं की जा सकती यह भाषा करोड़ों लोगों की अभिव्यक्ति का माध्यम है स्वतंत्रता संग्राम में हिंदी ने देश को एक सूत्र में बांधने का कार्य किया था।
उत्तर भारत की राजनीति में जाति के समीकरण फिर चर्चा में हैं सामाजिक न्याय की राजनीति और हिंदुत्व के बीच खींचतान लगातार बढ़ती जा रही है पिछड़े वर्गों की भागीदारी का प्रश्न और प्रतिनिधित्व का मुद्दा इस बहस के केंद्र में बना हुआ है। उत्तर भारत की राजनीति में जाति के समीकरण फिर चर्चा में हैं सामाजिक न्याय की राजनीति और हिंदुत्व के बीच खींचतान लगातार बढ़ती जा रही है पिछड़े वर्गों की भागीदारी का प्रश्न और प्रतिनिधित्व का मुद्दा इस बहस के केंद्र में बना हुआ है। उत्तर भारत की राजनीति में जाति के समीकरण फिर चर्चा में हैं सामाजिक न्याय की राजनीति और हिंदुत्व के बीच खींचतान लगातार बढ़ती जा रही है पिछड़े वर्गों की भागीदारी का प्रश्न और प्रतिनिधित्व का मुद्दा इस बहस के केंद्र में बना हुआ है। उत्तर भारत की राजनीति में जाति के समीकरण फिर चर्चा में हैं सामाजिक न्याय की राजनीति और हिंदुत्व के बीच खींचतान लगातार बढ़ती जा रही है पिछड़े वर्गों की भागीदारी का प्रश्न और प्रतिनिधित्व का मुद्दा इस बहस के केंद्र में बना हुआ है। उत्तर भारत की राजनीति में जाति के समीकरण फिर चर्चा में हैं सामाजिक न्याय की राजनीति और हिंदुत्व के बीच खींचतान लगातार बढ़ती जा रही है पिछड़े वर्गों की भागीदारी का प्रश्न और प्रतिनिधित्व का मुद्दा इस बहस के केंद्र में बना हुआ है। उत्तर भारत की राजनीति में जाति के समीकरण फिर चर्चा में हैं सामाजिक न्याय की राजनीति और हिंदुत्व के बीच खींचतान लगातार बढ़ती जा रही है पिछड़े वर्गों की भागीदारी का प्रश्न और प्रतिनिधित्व का मुद्दा इस बहस के केंद्र में बना हुआ है। उत्तर भारत की राजनीति में जाति के समीकरण फिर चर्चा में हैं सामाजिक न्याय की राजनीति और हिंदुत्व के बीच खींचतान लगातार बढ़ती जा रही है पिछड़े वर्गों की भागीदारी का प्रश्न और प्रतिनिधित्व का मुद्दा इस बहस के केंद्र में बना हुआ है। उत्तर भारत की राजनीति में जाति के समीकरण फिर चर्चा में हैं सामाजिक न्याय की राजनीति और हिंदुत्व के बीच खींचतान लगातार बढ़ती जा रही है पिछड़े वर्गों की भागीदारी का प्रश्न और प्रतिनिधित्व का मुद्दा इस बहस के केंद्र में बना हुआ है। उत्तर भारत की राजनीति में जाति के समीकरण फिर चर्चा में हैं सामाजिक न्याय की राजनीति और हिंदुत्व के बीच खींचतान लगातार बढ़ती जा रही है पिछड़े वर्गों की भागीदारी का प्रश्न और प्रतिनिधित्व का मुद्दा इस बहस के केंद्र में बना हुआ है। उत्तर भारत की राजनीति में जाति के समीकरण फिर चर्चा में हैं सामाजिक न्याय की राजनीति और हिंदुत्व के बीच खींचतान लगातार बढ़ती जा रही है पिछड़े वर्गों की भागीदारी का प्रश्न और प्रतिनिधित्व का मुद्दा इस बहस के केंद्र में बना हुआ है। उत्तर भारत की राजनीति में जाति के समीकरण फिर चर्चा में हैं सामाजिक न्याय की राजनीति और हिंदुत्व के बीच खींचतान लगातार बढ़ती जा रही है पिछड़े वर्गों की भागीदारी का प्रश्न और प्रतिनिधित्व का मुद्दा इस बहस के केंद्र में बना हुआ है। उत्तर भारत की राजनीति में जाति के समीकरण फिर चर्चा में हैं सामाजिक न्याय की राजनीति और हिंदुत्व के बीच खींचतान लगातार बढ़ती जा रही है पिछड़े वर्गों की भागीदारी का प्रश्न और प्रतिनिधित्व का मुद्दा इस बहस के केंद्र में बना हुआ है। उत्तर भारत की राजनीति में जाति के समीकरण फिर चर्चा में हैं सामाजिक न्याय की राजनीति और हिंदुत्व के बीच खींचतान लगातार बढ़ती जा रही है पिछड़े वर्गों की भागीदारी का प्रश्न और प्रतिनिधित्व का मुद्दा इस बहस के केंद्र में बना हुआ है। उत्तर भारत की राजनीति में जाति के समीकरण फिर चर्चा में हैं सामाजिक न्याय की राजनीति और हिंदुत्व के बीच खींचतान लगातार बढ़ती जा रही है पिछड़े वर्गों की भागीदारी का प्रश्न और प्रतिनिधित्व का मुद्दा इस बहस के केंद्र में बना हुआ है।
